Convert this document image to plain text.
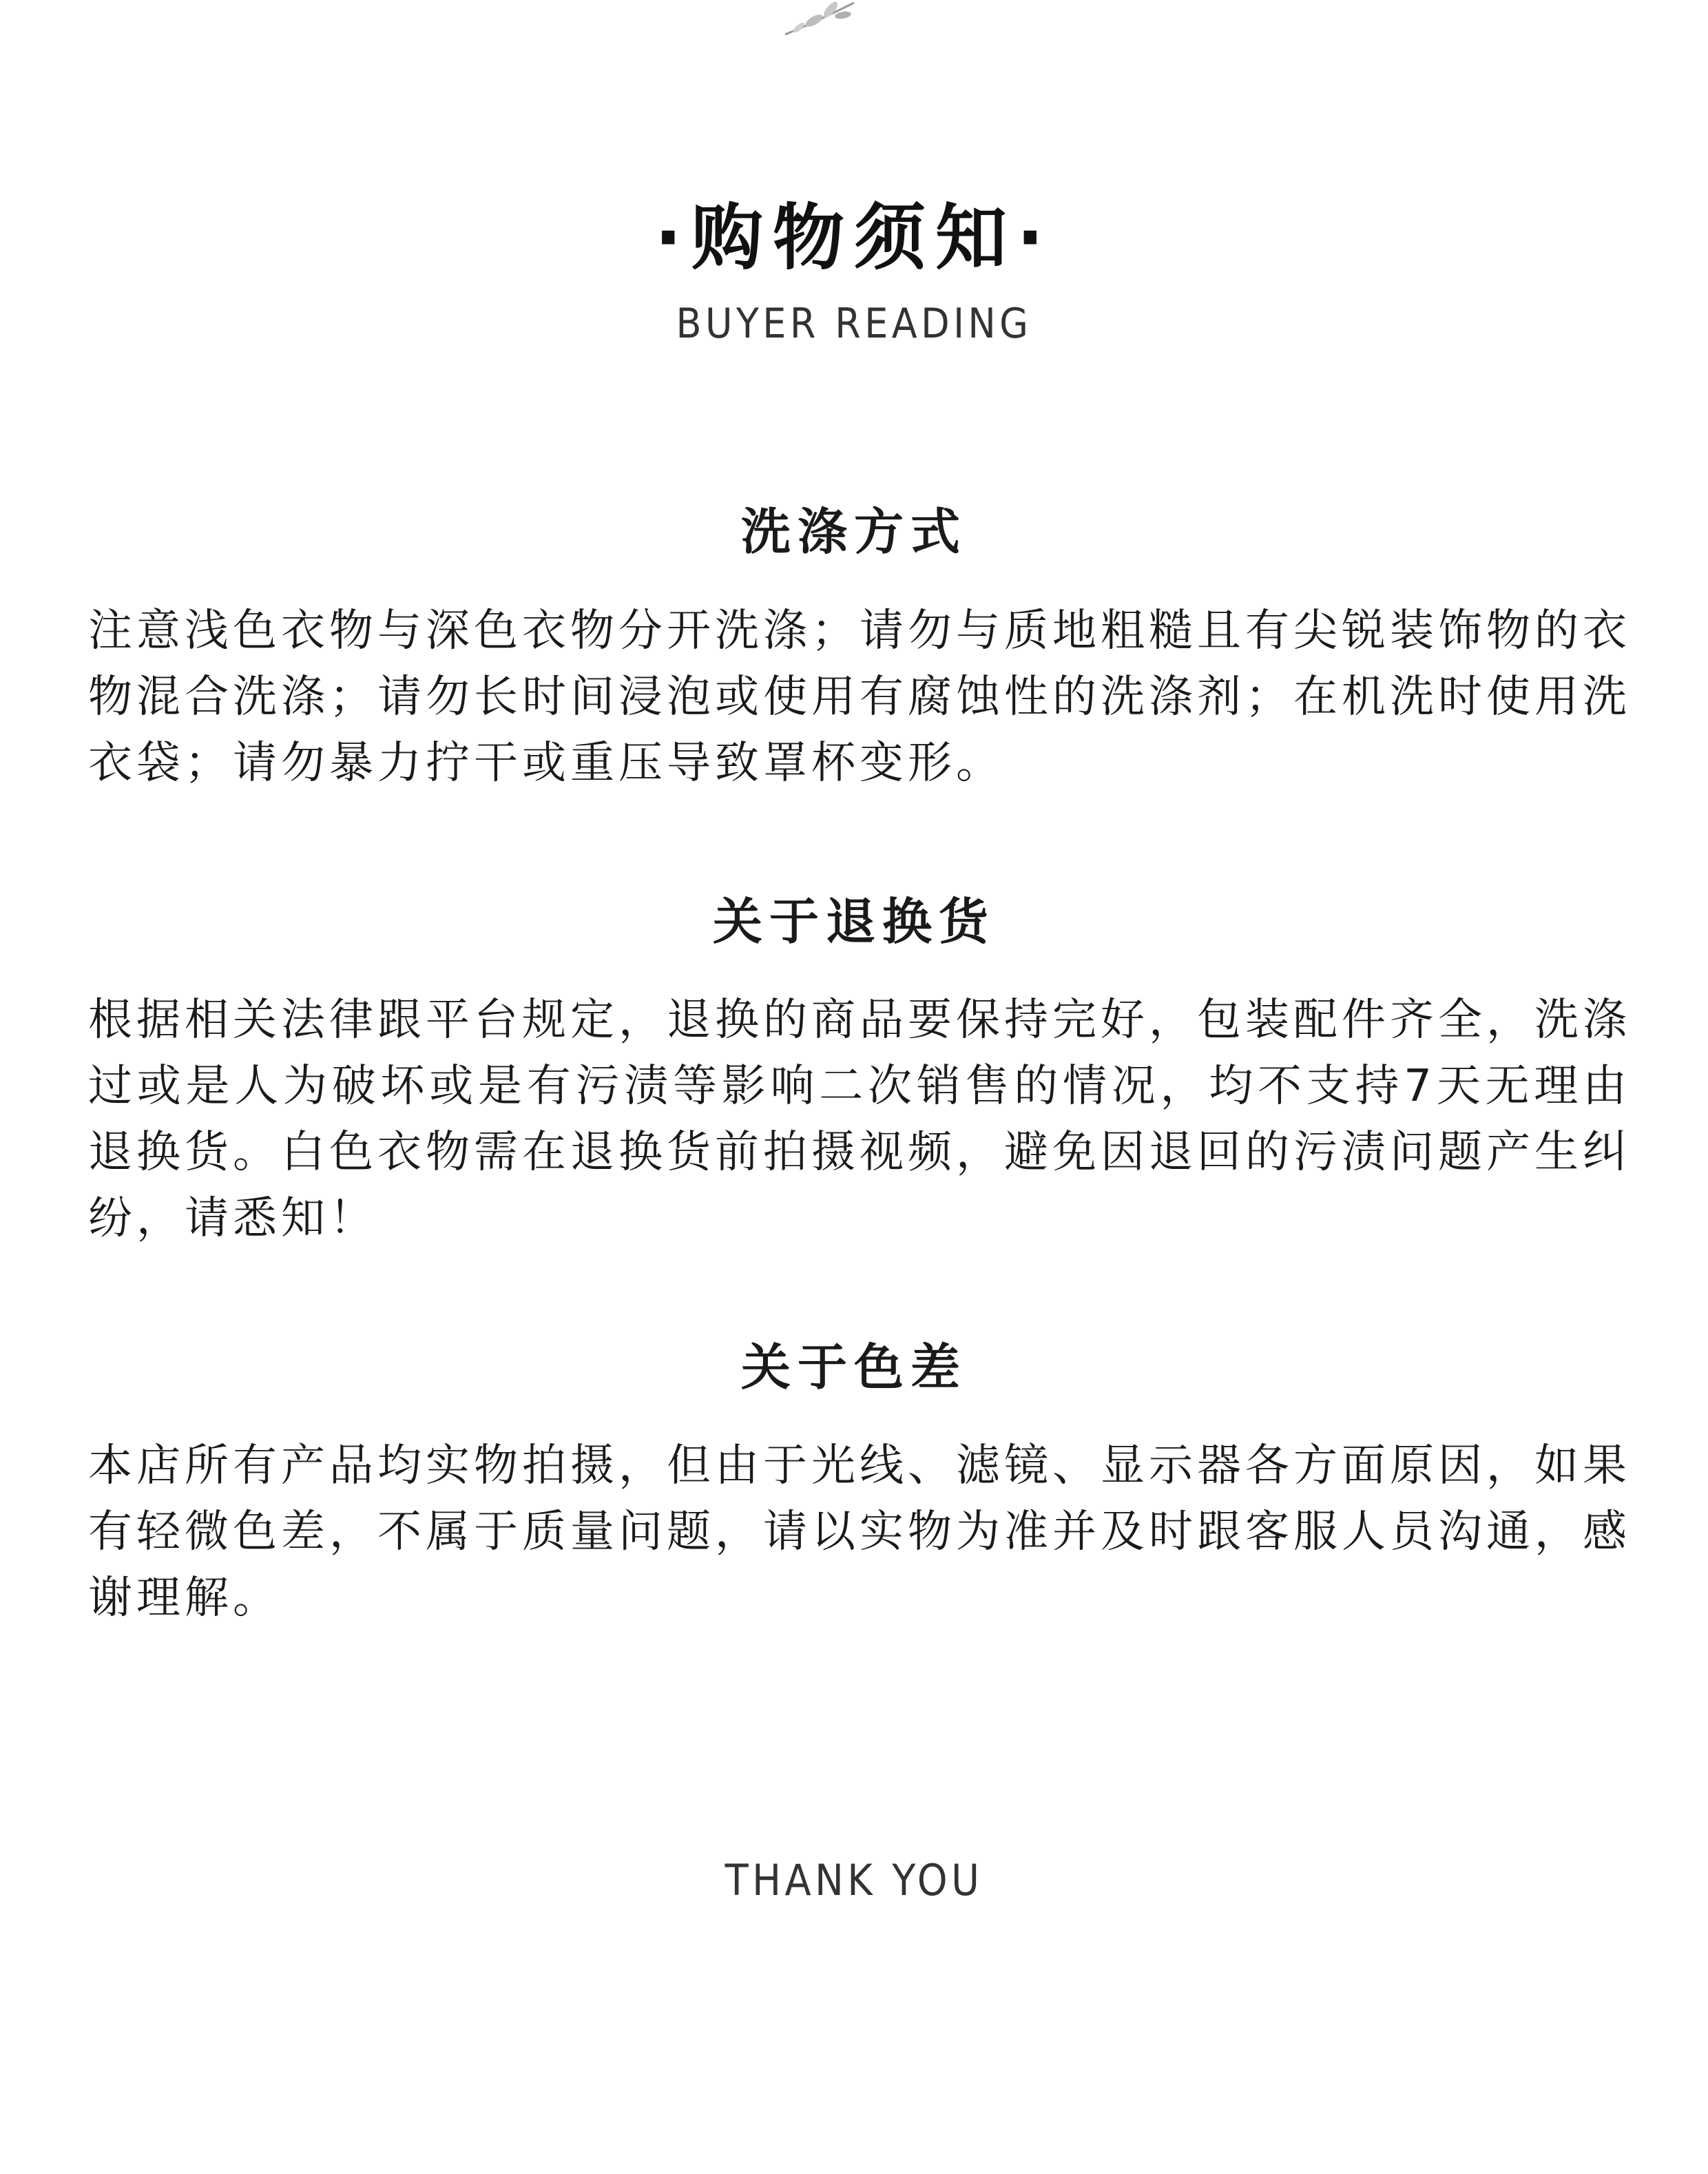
·购物须知·
BUYER READING
洗涤方式
注意浅色衣物与深色衣物分开洗涤；请勿与质地粗糙且有尖锐装饰物的衣物混合洗涤；请勿长时间浸泡或使用有腐蚀性的洗涤剂；在机洗时使用洗衣袋；请勿暴力拧干或重压导致罩杯变形。
关于退换货
根据相关法律跟平台规定，退换的商品要保持完好，包装配件齐全，洗涤过或是人为破坏或是有污渍等影响二次销售的情况，均不支持7天无理由退换货。白色衣物需在退换货前拍摄视频，避免因退回的污渍问题产生纠纷，请悉知！
关于色差
本店所有产品均实物拍摄，但由于光线、滤镜、显示器各方面原因，如果有轻微色差，不属于质量问题，请以实物为准并及时跟客服人员沟通，感谢理解。
THANK YOU
